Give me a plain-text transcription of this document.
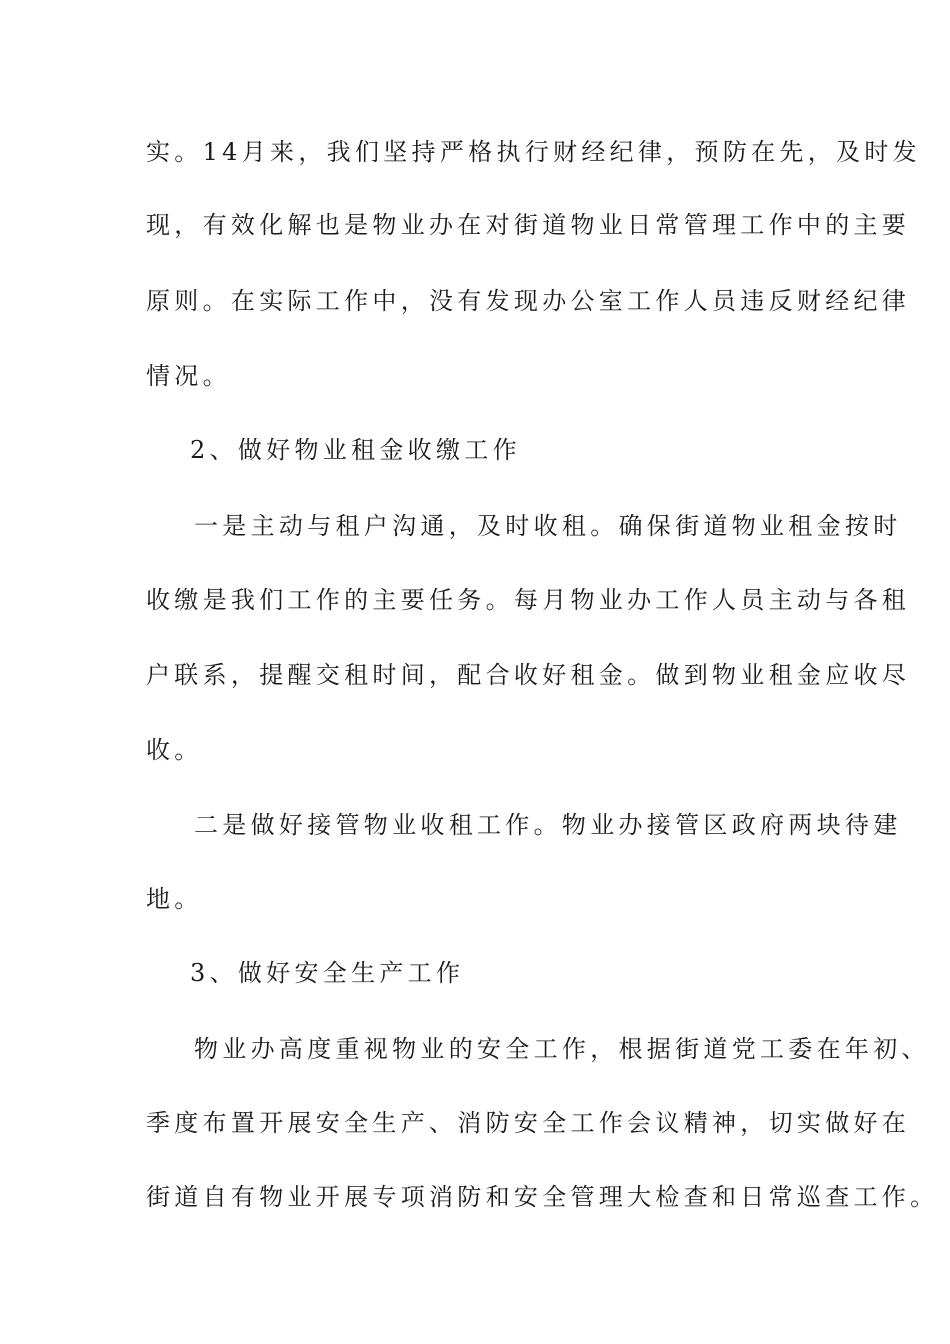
实。14月来，我们坚持严格执行财经纪律，预防在先，及时发
现，有效化解也是物业办在对街道物业日常管理工作中的主要
原则。在实际工作中，没有发现办公室工作人员违反财经纪律
情况。
2、做好物业租金收缴工作
一是主动与租户沟通，及时收租。确保街道物业租金按时
收缴是我们工作的主要任务。每月物业办工作人员主动与各租
户联系，提醒交租时间，配合收好租金。做到物业租金应收尽
收。
二是做好接管物业收租工作。物业办接管区政府两块待建
地。
3、做好安全生产工作
物业办高度重视物业的安全工作，根据街道党工委在年初、
季度布置开展安全生产、消防安全工作会议精神，切实做好在
街道自有物业开展专项消防和安全管理大检查和日常巡查工作。
